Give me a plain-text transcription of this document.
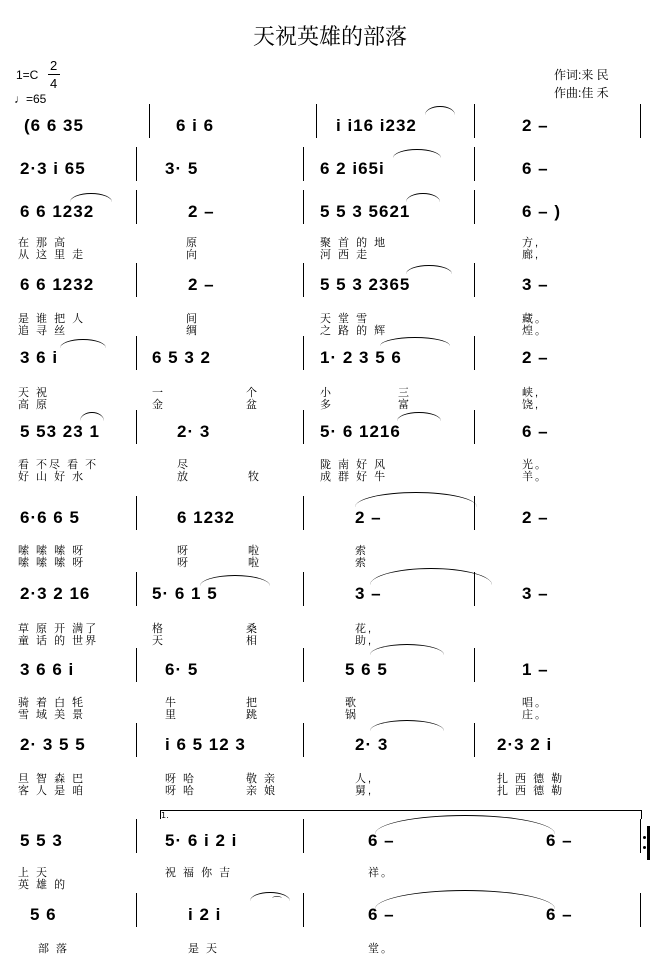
天祝英雄的部落
1=C
2
4
♩=65
作词:来 民
作曲:佳 禾
(6 6 35	6 i 6	i i16 i232	2 –
2·3 i 65	3· 5	6 2 i65i	6 –
6 6 1232	2 –	5 5 3 5621	6 – )
6 6 1232	2 –	5 5 3 2365	3 –
3 6 i	6 5 3 2	1· 2 3 5 6	2 –
5 53 23 1	2· 3	5· 6 1216	6 –
6·6 6 5	6 1232	2 –	2 –
2·3 2 16	5· 6 1 5	3 –	3 –
3 6 6 i	6· 5	5 6 5	1 –
2· 3 5 5	i 6 5 12 3	2· 3	2·3 2 i
5 5 3	5· 6 i 2 i	6 –	6 –
5 6	i 2 i	6 –	6 –
在 那 高	原	聚 首 的 地	方,
从 这 里 走	向	河 西 走	廊,
是 谁 把 人	间	天 堂 雪	藏。
追 寻 丝	绸	之 路 的 辉	煌。
天 祝	一	个	小	三	峡,
高 原	金	盆	多	富	饶,
看 不尽 看 不	尽	陇 南 好 风	光。
好 山 好 水	放	牧	成 群 好 牛	羊。
嗦 嗦 嗦 呀	呀	啦	索
嗦 嗦 嗦 呀	呀	啦	索
草 原 开 满了	格	桑	花,
童 话 的 世界	天	相	助,
骑 着 白 牦	牛	把	歌	唱。
雪 域 美 景	里	跳	锅	庄。
旦 智 森 巴	呀 哈	敬 亲	人,	扎 西 德 勒
客 人 是 咱	呀 哈	亲 娘	舅,	扎 西 德 勒
上 天	祝 福 你 吉	祥。
英 雄 的
部 落	是 天	堂。
1.
⌒
